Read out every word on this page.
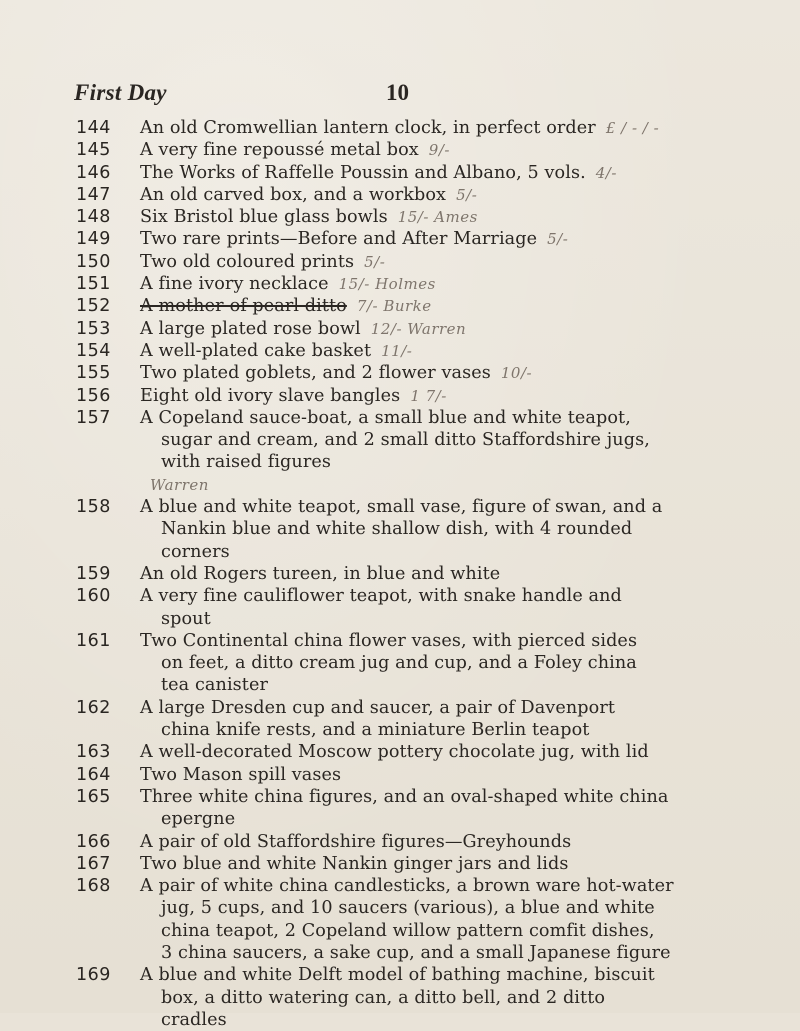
First Day	10
144	An old Cromwellian lantern clock, in perfect order £ / - / -
145	A very fine repoussé metal box 9/-
146	The Works of Raffelle Poussin and Albano, 5 vols. 4/-
147	An old carved box, and a workbox 5/-
148	Six Bristol blue glass bowls 15/- Ames
149	Two rare prints—Before and After Marriage 5/-
150	Two old coloured prints 5/-
151	A fine ivory necklace 15/- Holmes
152	A mother-of-pearl ditto 7/- Burke
153	A large plated rose bowl 12/- Warren
154	A well-plated cake basket 11/-
155	Two plated goblets, and 2 flower vases 10/-
156	Eight old ivory slave bangles 1 7/-
157	A Copeland sauce-boat, a small blue and white teapot,
sugar and cream, and 2 small ditto Staffordshire jugs,
with raised figures
Warren
158	A blue and white teapot, small vase, figure of swan, and a
Nankin blue and white shallow dish, with 4 rounded
corners
159	An old Rogers tureen, in blue and white
160	A very fine cauliflower teapot, with snake handle and
spout
161	Two Continental china flower vases, with pierced sides
on feet, a ditto cream jug and cup, and a Foley china
tea canister
162	A large Dresden cup and saucer, a pair of Davenport
china knife rests, and a miniature Berlin teapot
163	A well-decorated Moscow pottery chocolate jug, with lid
164	Two Mason spill vases
165	Three white china figures, and an oval-shaped white china
epergne
166	A pair of old Staffordshire figures—Greyhounds
167	Two blue and white Nankin ginger jars and lids
168	A pair of white china candlesticks, a brown ware hot-water
jug, 5 cups, and 10 saucers (various), a blue and white
china teapot, 2 Copeland willow pattern comfit dishes,
3 china saucers, a sake cup, and a small Japanese figure
169	A blue and white Delft model of bathing machine, biscuit
box, a ditto watering can, a ditto bell, and 2 ditto
cradles
